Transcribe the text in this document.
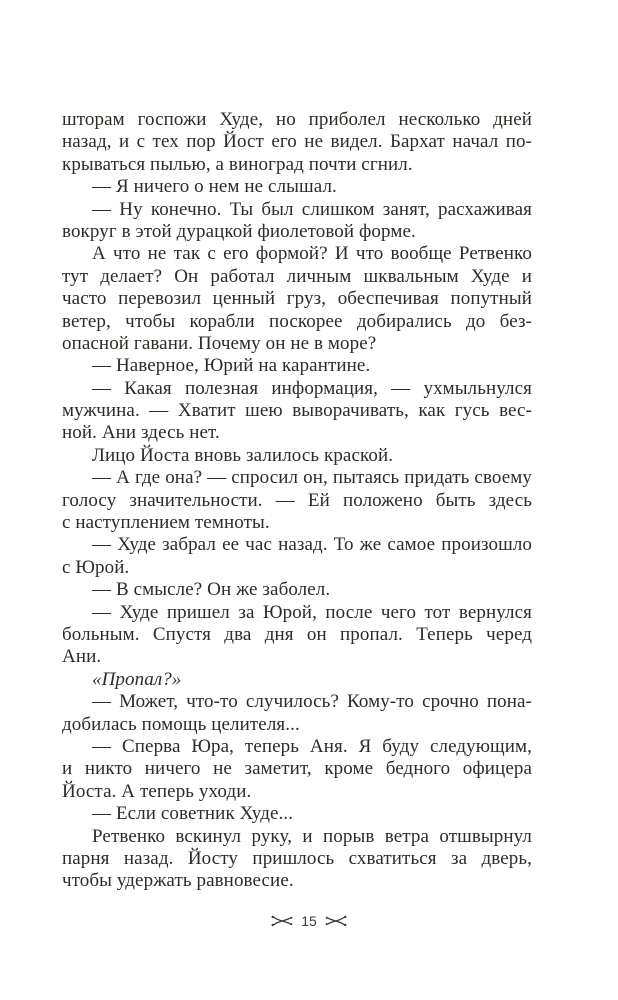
шторам госпожи Худе, но приболел несколько дней
назад, и с тех пор Йост его не видел. Бархат начал по-
крываться пылью, а виноград почти сгнил.
— Я ничего о нем не слышал.
— Ну конечно. Ты был слишком занят, расхаживая
вокруг в этой дурацкой фиолетовой форме.
А что не так с его формой? И что вообще Ретвенко
тут делает? Он работал личным шквальным Худе и
часто перевозил ценный груз, обеспечивая попутный
ветер, чтобы корабли поскорее добирались до без-
опасной гавани. Почему он не в море?
— Наверное, Юрий на карантине.
— Какая полезная информация, — ухмыльнулся
мужчина. — Хватит шею выворачивать, как гусь вес-
ной. Ани здесь нет.
Лицо Йоста вновь залилось краской.
— А где она? — спросил он, пытаясь придать своему
голосу значительности. — Ей положено быть здесь
с наступлением темноты.
— Худе забрал ее час назад. То же самое произошло
с Юрой.
— В смысле? Он же заболел.
— Худе пришел за Юрой, после чего тот вернулся
больным. Спустя два дня он пропал. Теперь черед
Ани.
«Пропал?»
— Может, что-то случилось? Кому-то срочно пона-
добилась помощь целителя...
— Сперва Юра, теперь Аня. Я буду следующим,
и никто ничего не заметит, кроме бедного офицера
Йоста. А теперь уходи.
— Если советник Худе...
Ретвенко вскинул руку, и порыв ветра отшвырнул
парня назад. Йосту пришлось схватиться за дверь,
чтобы удержать равновесие.
15
